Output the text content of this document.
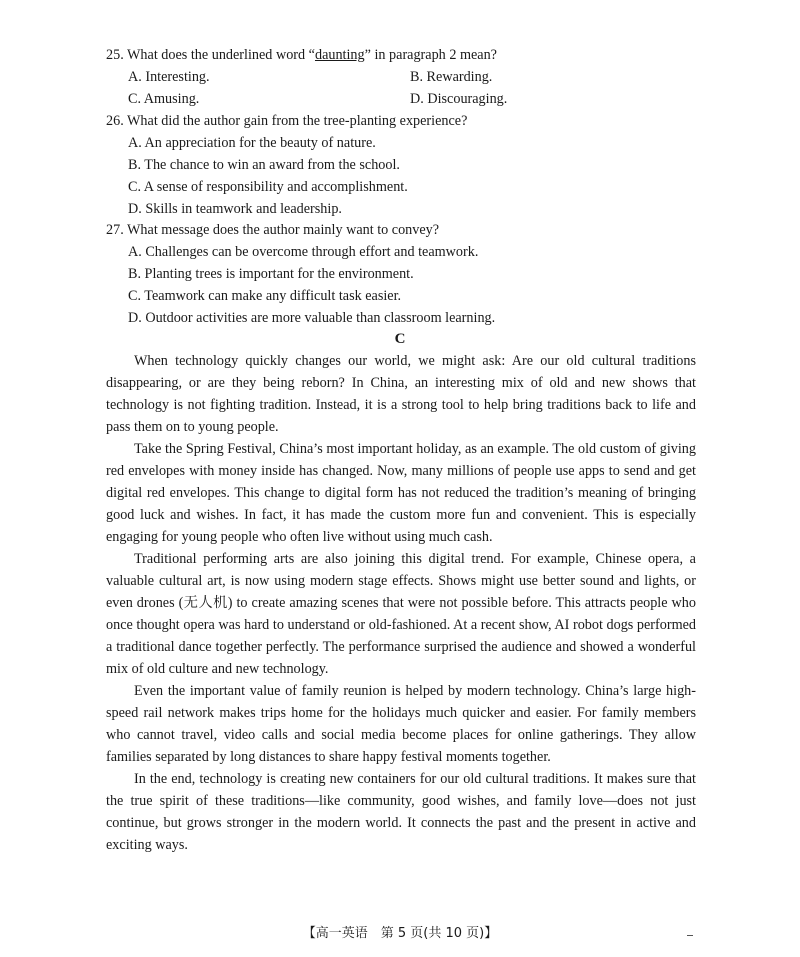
25. What does the underlined word “daunting” in paragraph 2 mean?
A. Interesting.	B. Rewarding.
C. Amusing.	D. Discouraging.
26. What did the author gain from the tree-planting experience?
A. An appreciation for the beauty of nature.
B. The chance to win an award from the school.
C. A sense of responsibility and accomplishment.
D. Skills in teamwork and leadership.
27. What message does the author mainly want to convey?
A. Challenges can be overcome through effort and teamwork.
B. Planting trees is important for the environment.
C. Teamwork can make any difficult task easier.
D. Outdoor activities are more valuable than classroom learning.
C

When technology quickly changes our world, we might ask: Are our old cultural traditions disappearing, or are they being reborn? In China, an interesting mix of old and new shows that technology is not fighting tradition. Instead, it is a strong tool to help bring traditions back to life and pass them on to young people.

Take the Spring Festival, China’s most important holiday, as an example. The old custom of giving red envelopes with money inside has changed. Now, many millions of people use apps to send and get digital red envelopes. This change to digital form has not reduced the tradition’s meaning of bringing good luck and wishes. In fact, it has made the custom more fun and convenient. This is especially engaging for young people who often live without using much cash.

Traditional performing arts are also joining this digital trend. For example, Chinese opera, a valuable cultural art, is now using modern stage effects. Shows might use better sound and lights, or even drones (无人机) to create amazing scenes that were not possible before. This attracts people who once thought opera was hard to understand or old-fashioned. At a recent show, AI robot dogs performed a traditional dance together perfectly. The performance surprised the audience and showed a wonderful mix of old culture and new technology.

Even the important value of family reunion is helped by modern technology. China’s large high-speed rail network makes trips home for the holidays much quicker and easier. For family members who cannot travel, video calls and social media become places for online gatherings. They allow families separated by long distances to share happy festival moments together.

In the end, technology is creating new containers for our old cultural traditions. It makes sure that the true spirit of these traditions—like community, good wishes, and family love—does not just continue, but grows stronger in the modern world. It connects the past and the present in active and exciting ways.

【高一英语　第 5 页(共 10 页)】
